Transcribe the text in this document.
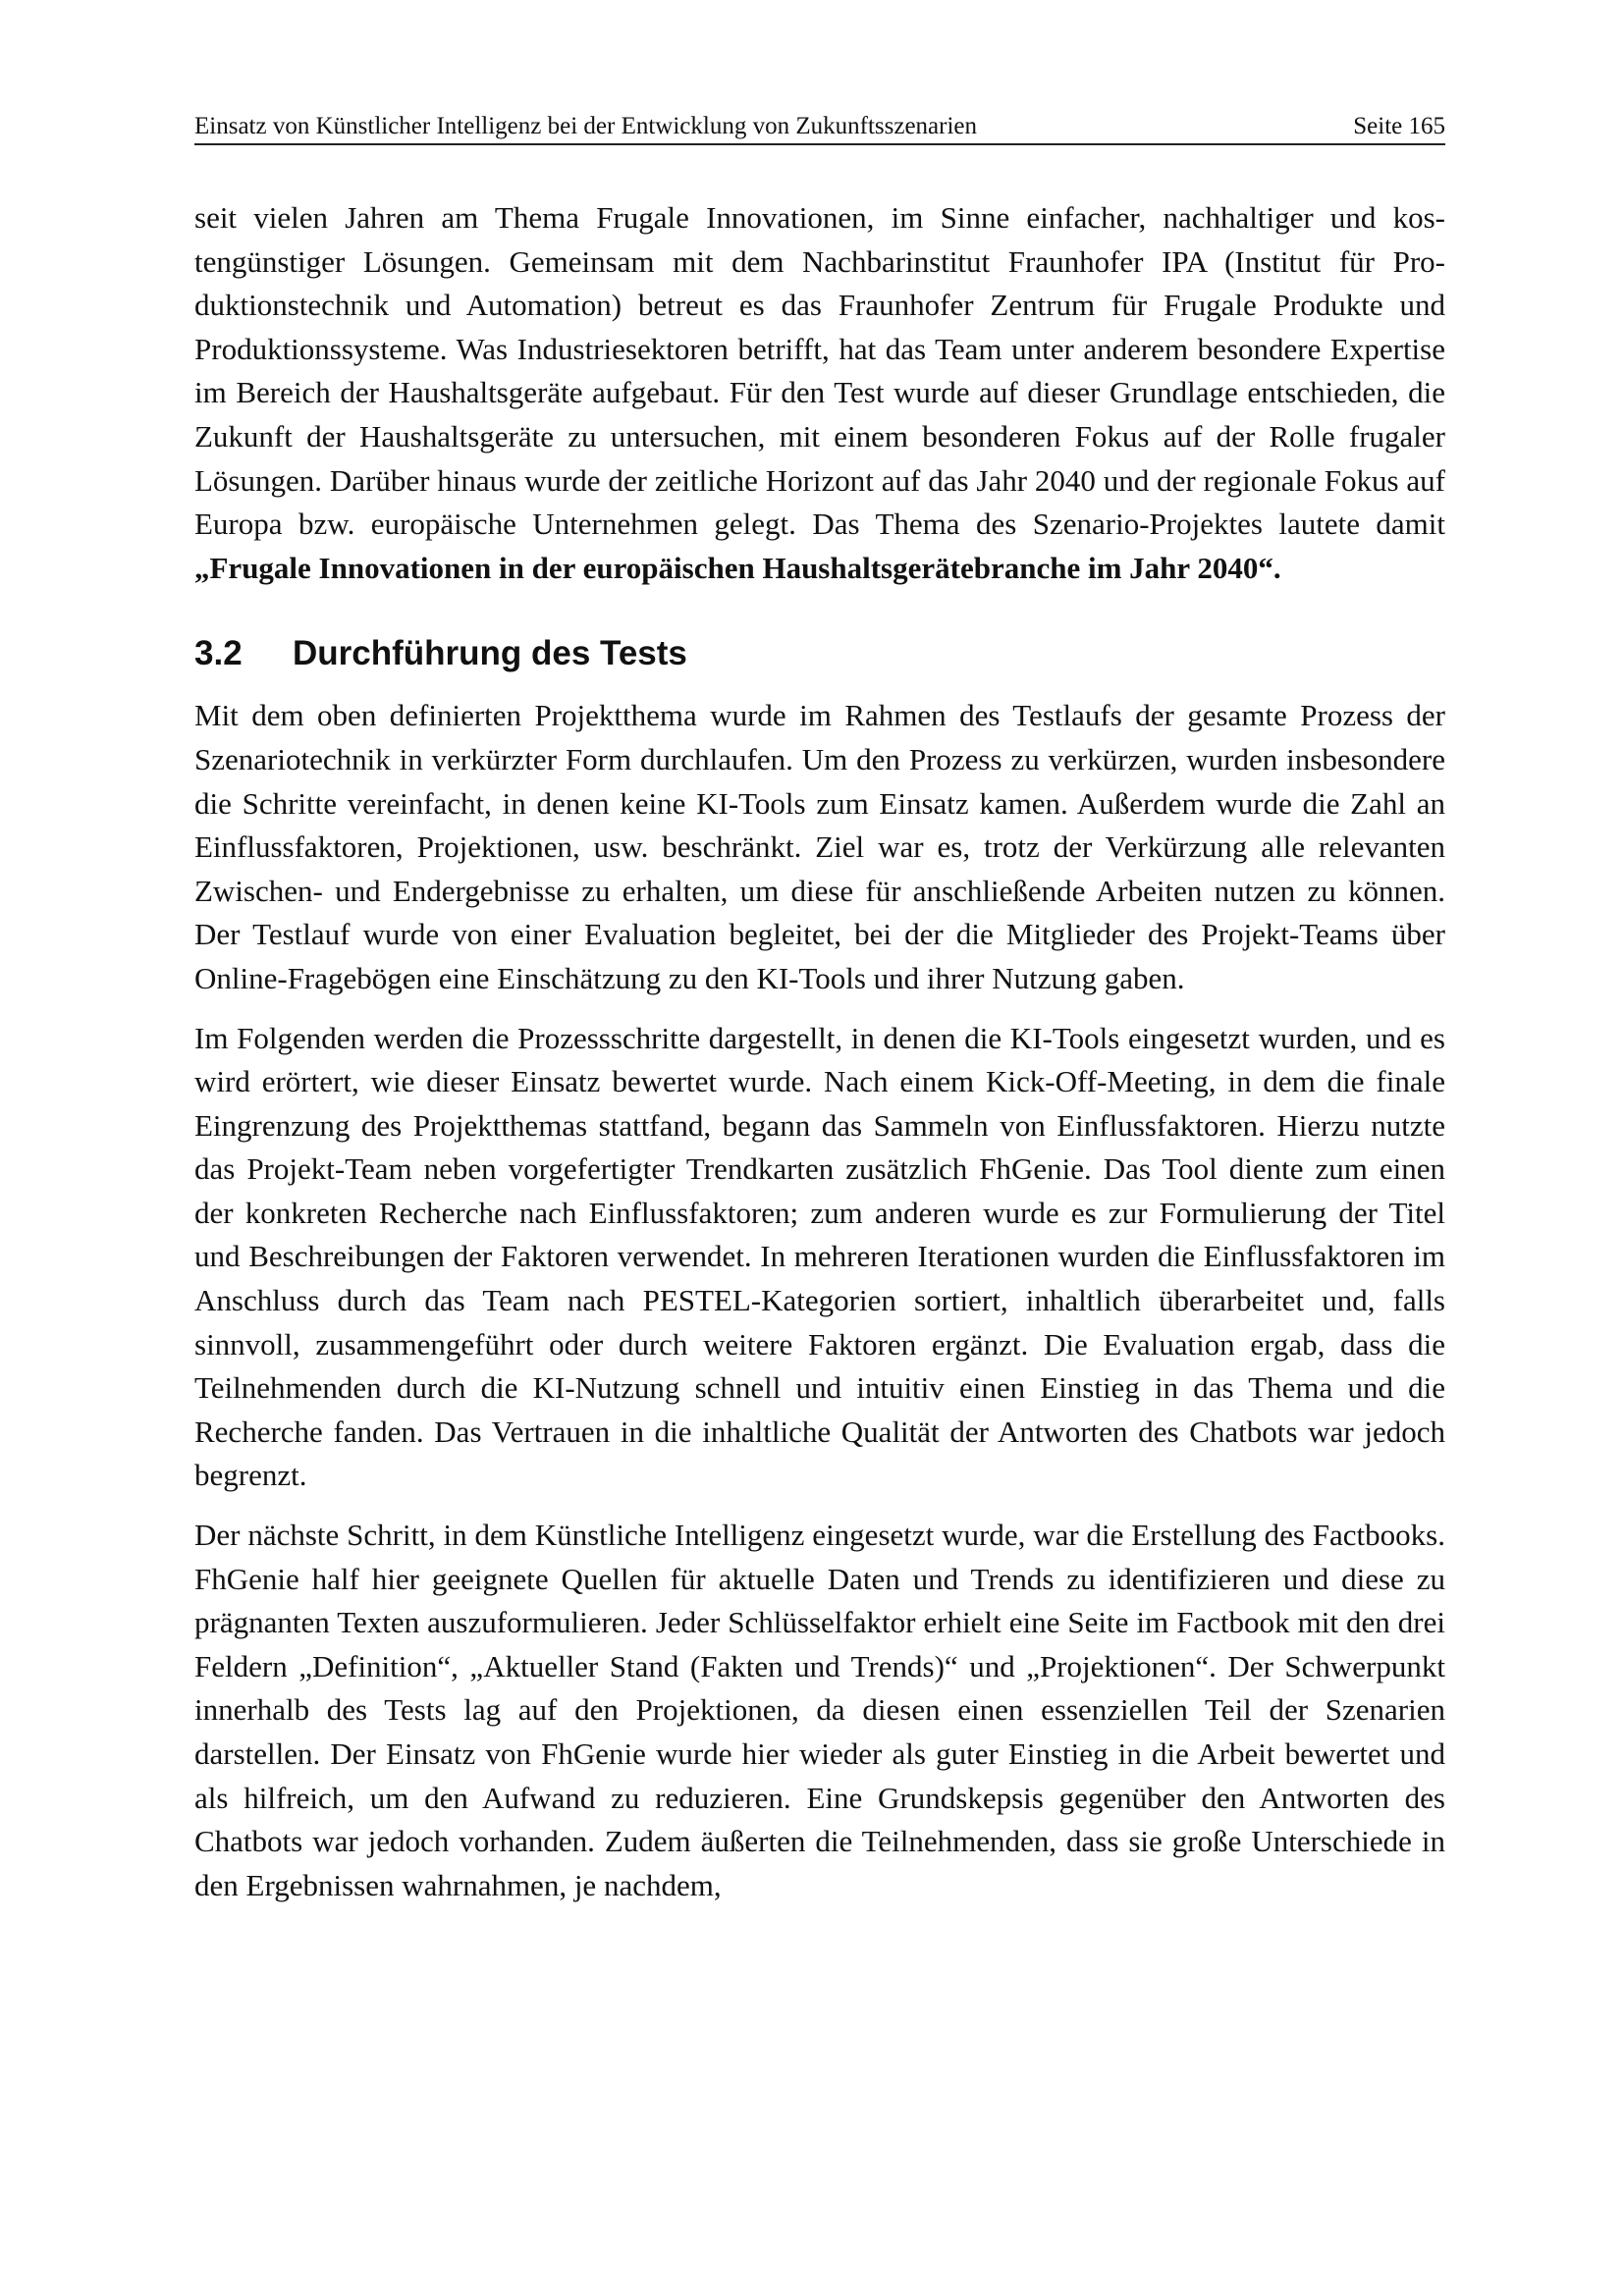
Einsatz von Künstlicher Intelligenz bei der Entwicklung von Zukunftsszenarien	Seite 165

seit vielen Jahren am Thema Frugale Innovationen, im Sinne einfacher, nachhaltiger und kostengünstiger Lösungen. Gemeinsam mit dem Nachbarinstitut Fraunhofer IPA (Institut für Produktionstechnik und Automation) betreut es das Fraunhofer Zentrum für Frugale Produkte und Produktionssysteme. Was Industriesektoren betrifft, hat das Team unter anderem besondere Expertise im Bereich der Haushaltsgeräte aufgebaut. Für den Test wurde auf dieser Grundlage entschieden, die Zukunft der Haushaltsgeräte zu untersuchen, mit einem besonderen Fokus auf der Rolle frugaler Lösungen. Darüber hinaus wurde der zeitliche Horizont auf das Jahr 2040 und der regionale Fokus auf Europa bzw. europäische Unternehmen gelegt. Das Thema des Szenario-Projektes lautete damit „Frugale Innovationen in der europäischen Haushaltsgerätebranche im Jahr 2040“.

3.2	Durchführung des Tests

Mit dem oben definierten Projektthema wurde im Rahmen des Testlaufs der gesamte Prozess der Szenariotechnik in verkürzter Form durchlaufen. Um den Prozess zu verkürzen, wurden insbesondere die Schritte vereinfacht, in denen keine KI-Tools zum Einsatz kamen. Außerdem wurde die Zahl an Einflussfaktoren, Projektionen, usw. beschränkt. Ziel war es, trotz der Verkürzung alle relevanten Zwischen- und Endergebnisse zu erhalten, um diese für anschließende Arbeiten nutzen zu können. Der Testlauf wurde von einer Evaluation begleitet, bei der die Mitglieder des Projekt-Teams über Online-Fragebögen eine Einschätzung zu den KI-Tools und ihrer Nutzung gaben.

Im Folgenden werden die Prozessschritte dargestellt, in denen die KI-Tools eingesetzt wurden, und es wird erörtert, wie dieser Einsatz bewertet wurde. Nach einem Kick-Off-Meeting, in dem die finale Eingrenzung des Projektthemas stattfand, begann das Sammeln von Einflussfaktoren. Hierzu nutzte das Projekt-Team neben vorgefertigter Trendkarten zusätzlich FhGenie. Das Tool diente zum einen der konkreten Recherche nach Einflussfaktoren; zum anderen wurde es zur Formulierung der Titel und Beschreibungen der Faktoren verwendet. In mehreren Iterationen wurden die Einflussfaktoren im Anschluss durch das Team nach PESTEL-Kategorien sortiert, inhaltlich überarbeitet und, falls sinnvoll, zusammengeführt oder durch weitere Faktoren ergänzt. Die Evaluation ergab, dass die Teilnehmenden durch die KI-Nutzung schnell und intuitiv einen Einstieg in das Thema und die Recherche fanden. Das Vertrauen in die inhaltliche Qualität der Antworten des Chatbots war jedoch begrenzt.

Der nächste Schritt, in dem Künstliche Intelligenz eingesetzt wurde, war die Erstellung des Factbooks. FhGenie half hier geeignete Quellen für aktuelle Daten und Trends zu identifizieren und diese zu prägnanten Texten auszuformulieren. Jeder Schlüsselfaktor erhielt eine Seite im Factbook mit den drei Feldern „Definition“, „Aktueller Stand (Fakten und Trends)“ und „Projektionen“. Der Schwerpunkt innerhalb des Tests lag auf den Projektionen, da diesen einen essenziellen Teil der Szenarien darstellen. Der Einsatz von FhGenie wurde hier wieder als guter Einstieg in die Arbeit bewertet und als hilfreich, um den Aufwand zu reduzieren. Eine Grundskepsis gegenüber den Antworten des Chatbots war jedoch vorhanden. Zudem äußerten die Teilnehmenden, dass sie große Unterschiede in den Ergebnissen wahrnahmen, je nachdem,
